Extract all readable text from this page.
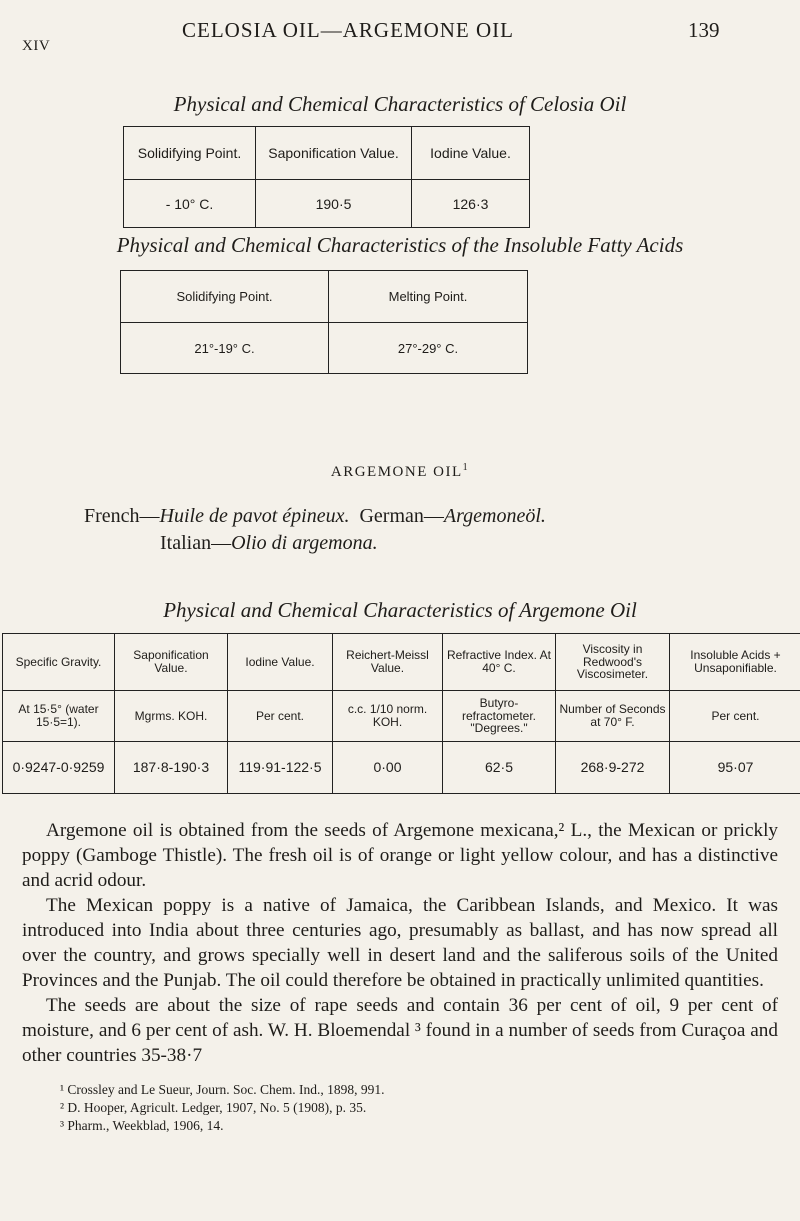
XIV
CELOSIA OIL—ARGEMONE OIL	139
Physical and Chemical Characteristics of Celosia Oil
Solidifying Point.	Saponification Value.	Iodine Value.
- 10° C.	190·5	126·3
Physical and Chemical Characteristics of the Insoluble Fatty Acids
Solidifying Point.	Melting Point.
21°-19° C.	27°-29° C.
ARGEMONE OIL$^1$
French—Huile de pavot épineux. German—Argemoneöl.
Italian—Olio di argemona.
Physical and Chemical Characteristics of Argemone Oil
Specific Gravity.	Saponification Value.	Iodine Value.	Reichert-Meissl Value.	Refractive Index. At 40° C.	Viscosity in Redwood's Viscosimeter.	Insoluble Acids + Unsaponifiable.
At 15·5° (water 15·5=1).	Mgrms. KOH.	Per cent.	c.c. 1/10 norm. KOH.	Butyro-refractometer. "Degrees."	Number of Seconds at 70° F.	Per cent.
0·9247-0·9259	187·8-190·3	119·91-122·5	0·00	62·5	268·9-272	95·07

Argemone oil is obtained from the seeds of Argemone mexicana,² L., the Mexican or prickly poppy (Gamboge Thistle). The fresh oil is of orange or light yellow colour, and has a distinctive and acrid odour.

The Mexican poppy is a native of Jamaica, the Caribbean Islands, and Mexico. It was introduced into India about three centuries ago, presumably as ballast, and has now spread all over the country, and grows specially well in desert land and the saliferous soils of the United Provinces and the Punjab. The oil could therefore be obtained in practically unlimited quantities.

The seeds are about the size of rape seeds and contain 36 per cent of oil, 9 per cent of moisture, and 6 per cent of ash. W. H. Bloemendal ³ found in a number of seeds from Curaçoa and other countries 35-38·7

¹ Crossley and Le Sueur, Journ. Soc. Chem. Ind., 1898, 991.
² D. Hooper, Agricult. Ledger, 1907, No. 5 (1908), p. 35.
³ Pharm., Weekblad, 1906, 14.
